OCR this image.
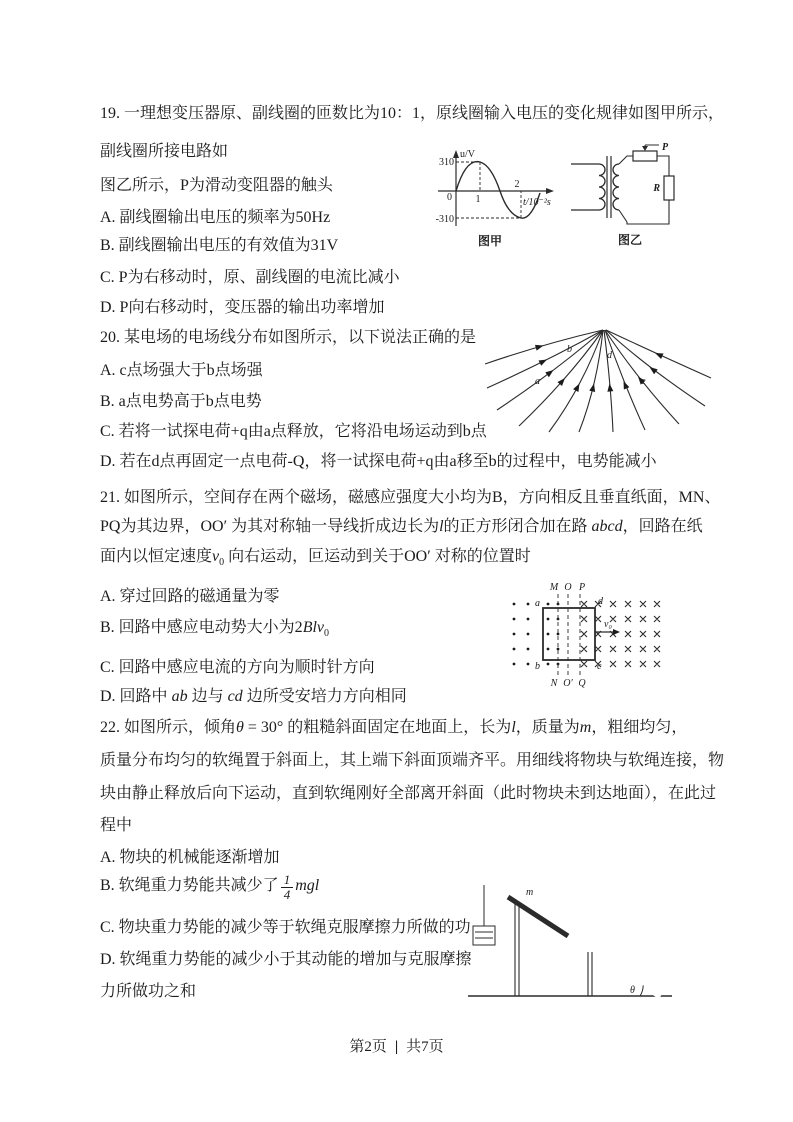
19. 一理想变压器原、副线圈的匝数比为10：1，原线圈输入电压的变化规律如图甲所示，
副线圈所接电路如
图乙所示，P为滑动变阻器的触头
A. 副线圈输出电压的频率为50Hz
B. 副线圈输出电压的有效值为31V
C. P为右移动时，原、副线圈的电流比减小
D. P向右移动时，变压器的输出功率增加
u/V
310
0
-310
1
2
t/10⁻²s
图甲
P
R
图乙
20. 某电场的电场线分布如图所示，以下说法正确的是
A. c点场强大于b点场强
B. a点电势高于b点电势
C. 若将一试探电荷+q由a点释放，它将沿电场运动到b点
D. 若在d点再固定一点电荷-Q，将一试探电荷+q由a移至b的过程中，电势能减小
a
b
d
c
21. 如图所示，空间存在两个磁场，磁感应强度大小均为B，方向相反且垂直纸面，MN、
PQ为其边界，OO′ 为其对称轴一导线折成边长为l的正方形闭合加在路 abcd，回路在纸
面内以恒定速度$v_0$ 向右运动，叵运动到关于OO′ 对称的位置时
A. 穿过回路的磁通量为零
B. 回路中感应电动势大小为2Blv$_0$
C. 回路中感应电流的方向为顺时针方向
D. 回路中 ab 边与 cd 边所受安培力方向相同
M O P
N O′ Q
a
b	c
d
v₀
22. 如图所示，倾角θ = 30° 的粗糙斜面固定在地面上，长为l，质量为m，粗细均匀，
质量分布均匀的软绳置于斜面上，其上端下斜面顶端齐平。用细线将物块与软绳连接，物
块由静止释放后向下运动，直到软绳刚好全部离开斜面（此时物块未到达地面），在此过
程中
A. 物块的机械能逐渐增加
B. 软绳重力势能共减少了 $\frac{1}{4}$ mgl
C. 物块重力势能的减少等于软绳克服摩擦力所做的功
D. 软绳重力势能的减少小于其动能的增加与克服摩擦
力所做功之和
m
θ
第2页 | 共7页
